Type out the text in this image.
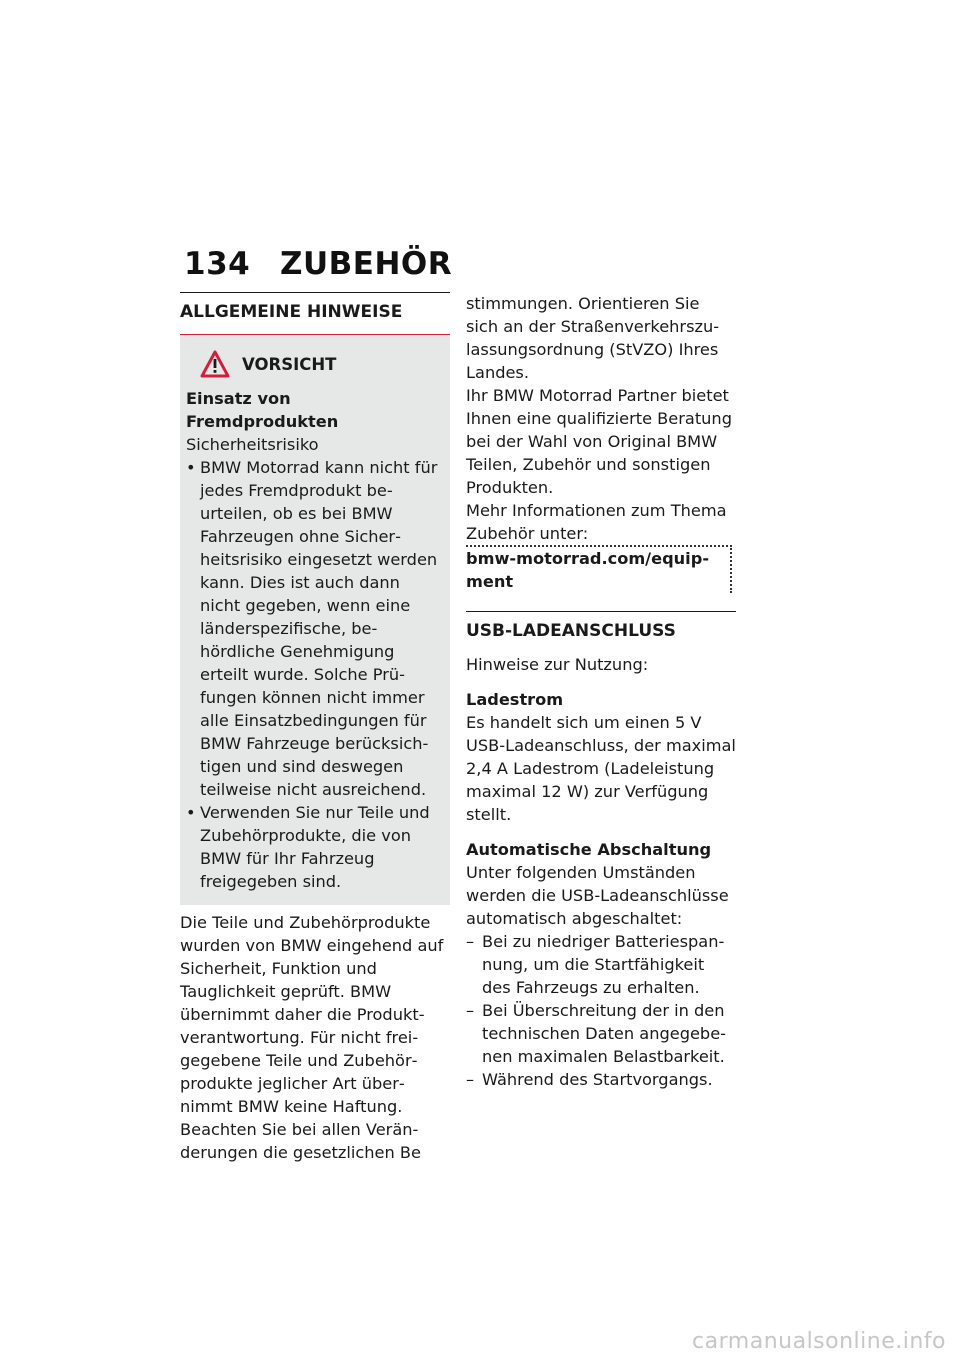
134 ZUBEHÖR
ALLGEMEINE HINWEISE
VORSICHT
Einsatz von Fremdprodukten
Sicherheitsrisiko
• BMW Motorrad kann nicht für jedes Fremdprodukt beurteilen, ob es bei BMW Fahrzeugen ohne Sicherheitsrisiko eingesetzt werden kann. Dies ist auch dann nicht gegeben, wenn eine länderspezifische, behördliche Genehmigung erteilt wurde. Solche Prüfungen können nicht immer alle Einsatzbedingungen für BMW Fahrzeuge berücksichtigen und sind deswegen teilweise nicht ausreichend.
• Verwenden Sie nur Teile und Zubehörprodukte, die von BMW für Ihr Fahrzeug freigegeben sind.

Die Teile und Zubehörprodukte wurden von BMW eingehend auf Sicherheit, Funktion und Tauglichkeit geprüft. BMW übernimmt daher die Produktverantwortung. Für nicht freigegebene Teile und Zubehörprodukte jeglicher Art übernimmt BMW keine Haftung.

Beachten Sie bei allen Veränderungen die gesetzlichen Be

stimmungen. Orientieren Sie sich an der Straßenverkehrszulassungsordnung (StVZO) Ihres Landes.

Ihr BMW Motorrad Partner bietet Ihnen eine qualifizierte Beratung bei der Wahl von Original BMW Teilen, Zubehör und sonstigen Produkten.

Mehr Informationen zum Thema Zubehör unter:

bmw-motorrad.com/equipment
USB-LADEANSCHLUSS
Hinweise zur Nutzung:
Ladestrom
Es handelt sich um einen 5 V USB-Ladeanschluss, der maximal 2,4 A Ladestrom (Ladeleistung maximal 12 W) zur Verfügung stellt.
Automatische Abschaltung
Unter folgenden Umständen werden die USB-Ladeanschlüsse automatisch abgeschaltet:
– Bei zu niedriger Batteriespannung, um die Startfähigkeit des Fahrzeugs zu erhalten.
– Bei Überschreitung der in den technischen Daten angegebenen maximalen Belastbarkeit.
– Während des Startvorgangs.
carmanualsonline.info
